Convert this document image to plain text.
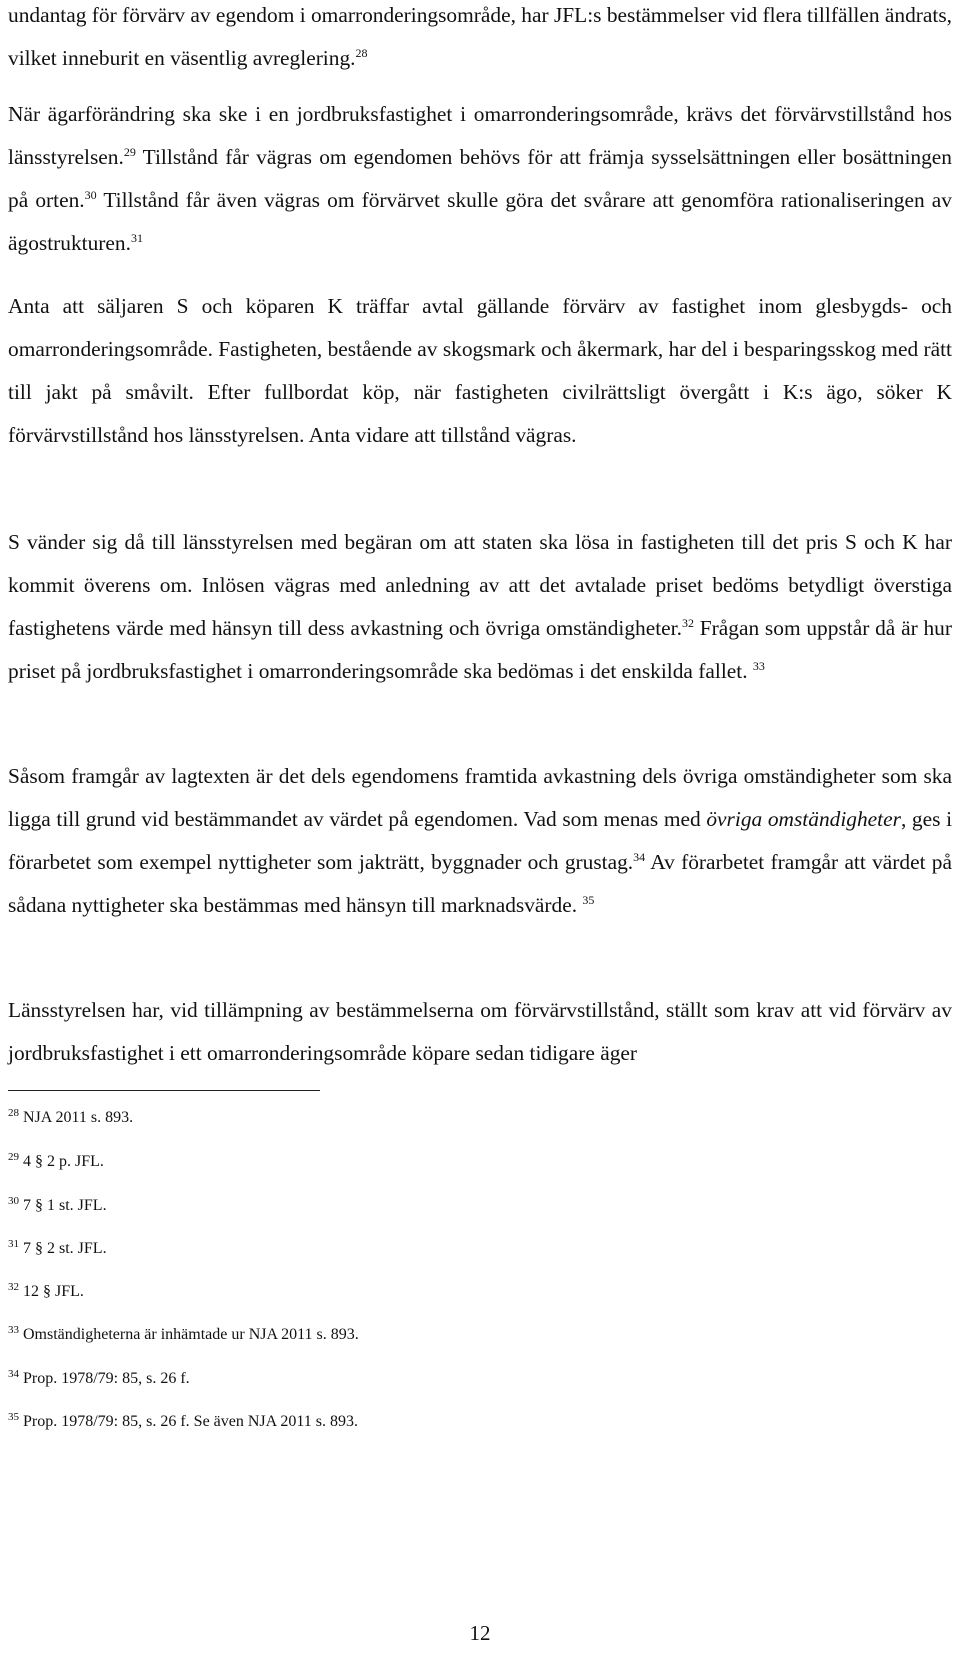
undantag för förvärv av egendom i omarronderingsområde, har JFL:s bestämmelser vid flera tillfällen ändrats, vilket inneburit en väsentlig avreglering.$^{28}$

När ägarförändring ska ske i en jordbruksfastighet i omarronderingsområde, krävs det förvärvstillstånd hos länsstyrelsen.$^{29}$ Tillstånd får vägras om egendomen behövs för att främja sysselsättningen eller bosättningen på orten.$^{30}$ Tillstånd får även vägras om förvärvet skulle göra det svårare att genomföra rationaliseringen av ägostrukturen.$^{31}$

Anta att säljaren S och köparen K träffar avtal gällande förvärv av fastighet inom glesbygds- och omarronderingsområde. Fastigheten, bestående av skogsmark och åkermark, har del i besparingsskog med rätt till jakt på småvilt. Efter fullbordat köp, när fastigheten civilrättsligt övergått i K:s ägo, söker K förvärvstillstånd hos länsstyrelsen. Anta vidare att tillstånd vägras.

S vänder sig då till länsstyrelsen med begäran om att staten ska lösa in fastigheten till det pris S och K har kommit överens om. Inlösen vägras med anledning av att det avtalade priset bedöms betydligt överstiga fastighetens värde med hänsyn till dess avkastning och övriga omständigheter.$^{32}$ Frågan som uppstår då är hur priset på jordbruksfastighet i omarronderingsområde ska bedömas i det enskilda fallet. $^{33}$

Såsom framgår av lagtexten är det dels egendomens framtida avkastning dels övriga omständigheter som ska ligga till grund vid bestämmandet av värdet på egendomen. Vad som menas med övriga omständigheter, ges i förarbetet som exempel nyttigheter som jakträtt, byggnader och grustag.$^{34}$ Av förarbetet framgår att värdet på sådana nyttigheter ska bestämmas med hänsyn till marknadsvärde. $^{35}$

Länsstyrelsen har, vid tillämpning av bestämmelserna om förvärvstillstånd, ställt som krav att vid förvärv av jordbruksfastighet i ett omarronderingsområde köpare sedan tidigare äger

$^{28}$ NJA 2011 s. 893.

$^{29}$ 4 § 2 p. JFL.

$^{30}$ 7 § 1 st. JFL.

$^{31}$ 7 § 2 st. JFL.

$^{32}$ 12 § JFL.

$^{33}$ Omständigheterna är inhämtade ur NJA 2011 s. 893.

$^{34}$ Prop. 1978/79: 85, s. 26 f.

$^{35}$ Prop. 1978/79: 85, s. 26 f. Se även NJA 2011 s. 893.

12
